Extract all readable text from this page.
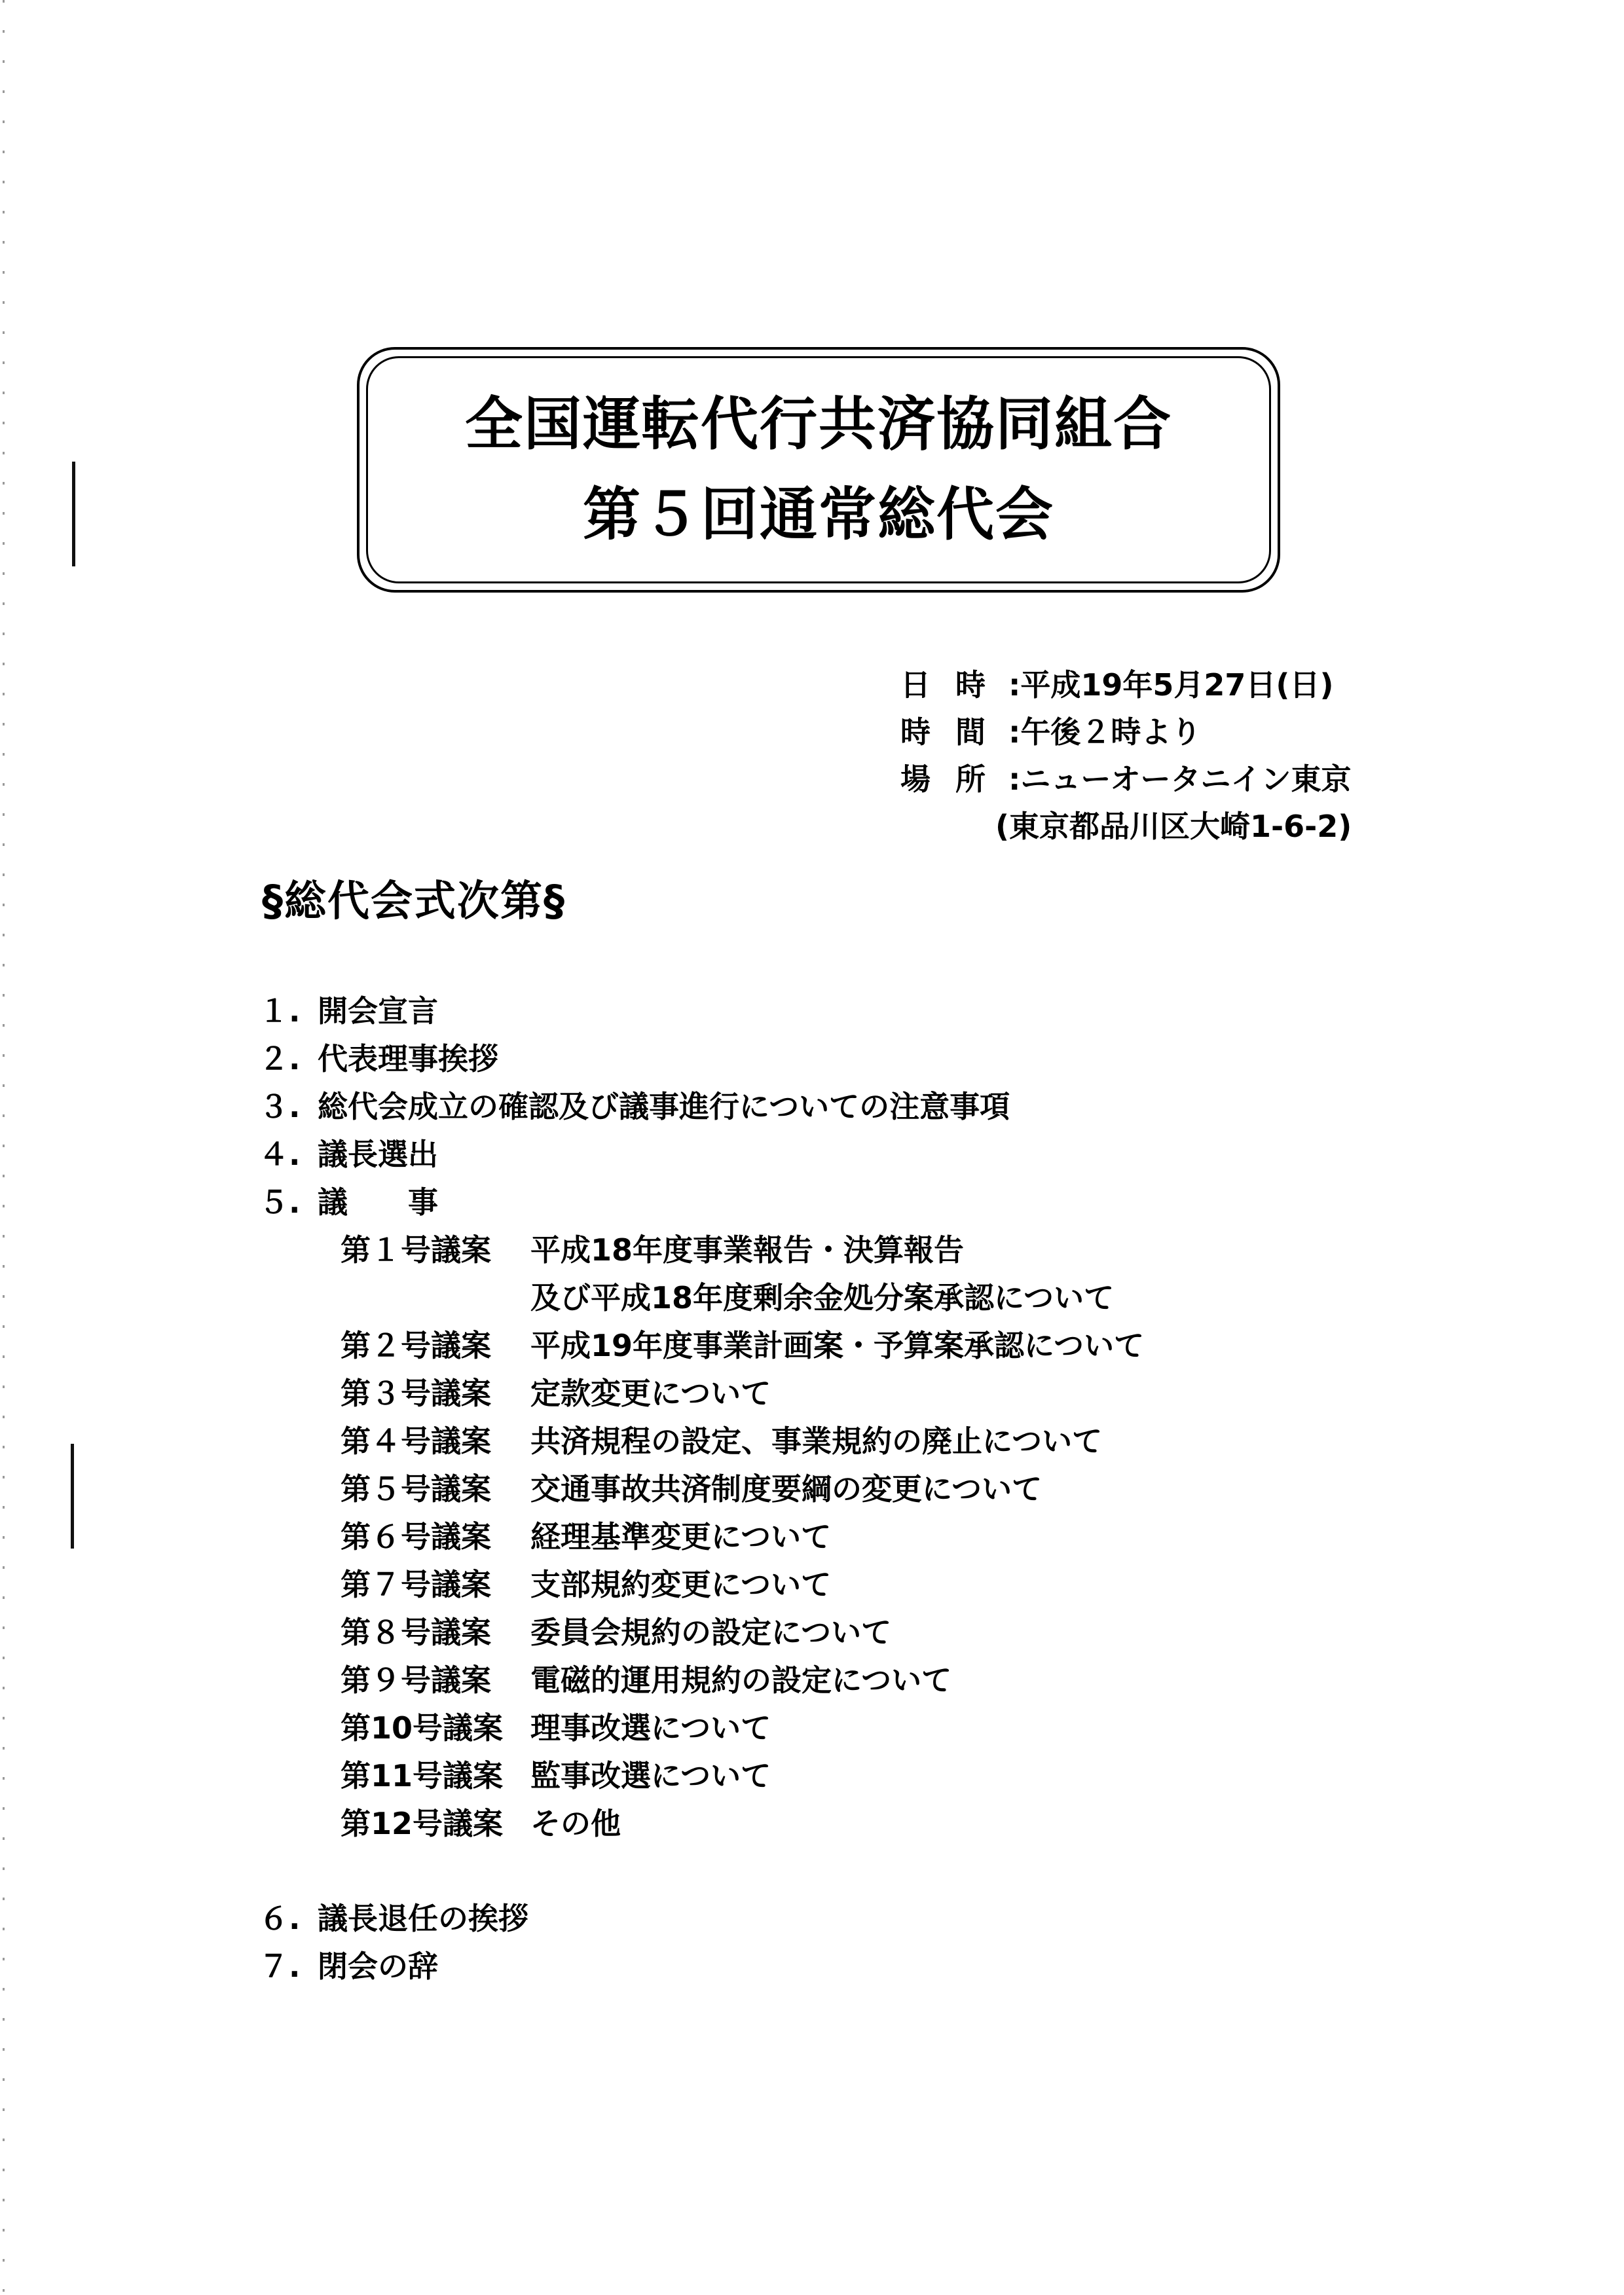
全国運転代行共済協同組合
第５回通常総代会
日時
:平成19年5月27日(日)
時間
:午後２時より
場所
:ニューオータニイン東京
(東京都品川区大崎1-6-2)
§総代会式次第§
１. 開会宣言
２. 代表理事挨拶
３. 総代会成立の確認及び議事進行についての注意事項
４. 議長選出
５. 議　　事
第１号議案	平成18年度事業報告・決算報告
及び平成18年度剰余金処分案承認について
第２号議案	平成19年度事業計画案・予算案承認について
第３号議案	定款変更について
第４号議案	共済規程の設定、事業規約の廃止について
第５号議案	交通事故共済制度要綱の変更について
第６号議案	経理基準変更について
第７号議案	支部規約変更について
第８号議案	委員会規約の設定について
第９号議案	電磁的運用規約の設定について
第10号議案 理事改選について
第11号議案 監事改選について
第12号議案 その他
６. 議長退任の挨拶
７. 閉会の辞
